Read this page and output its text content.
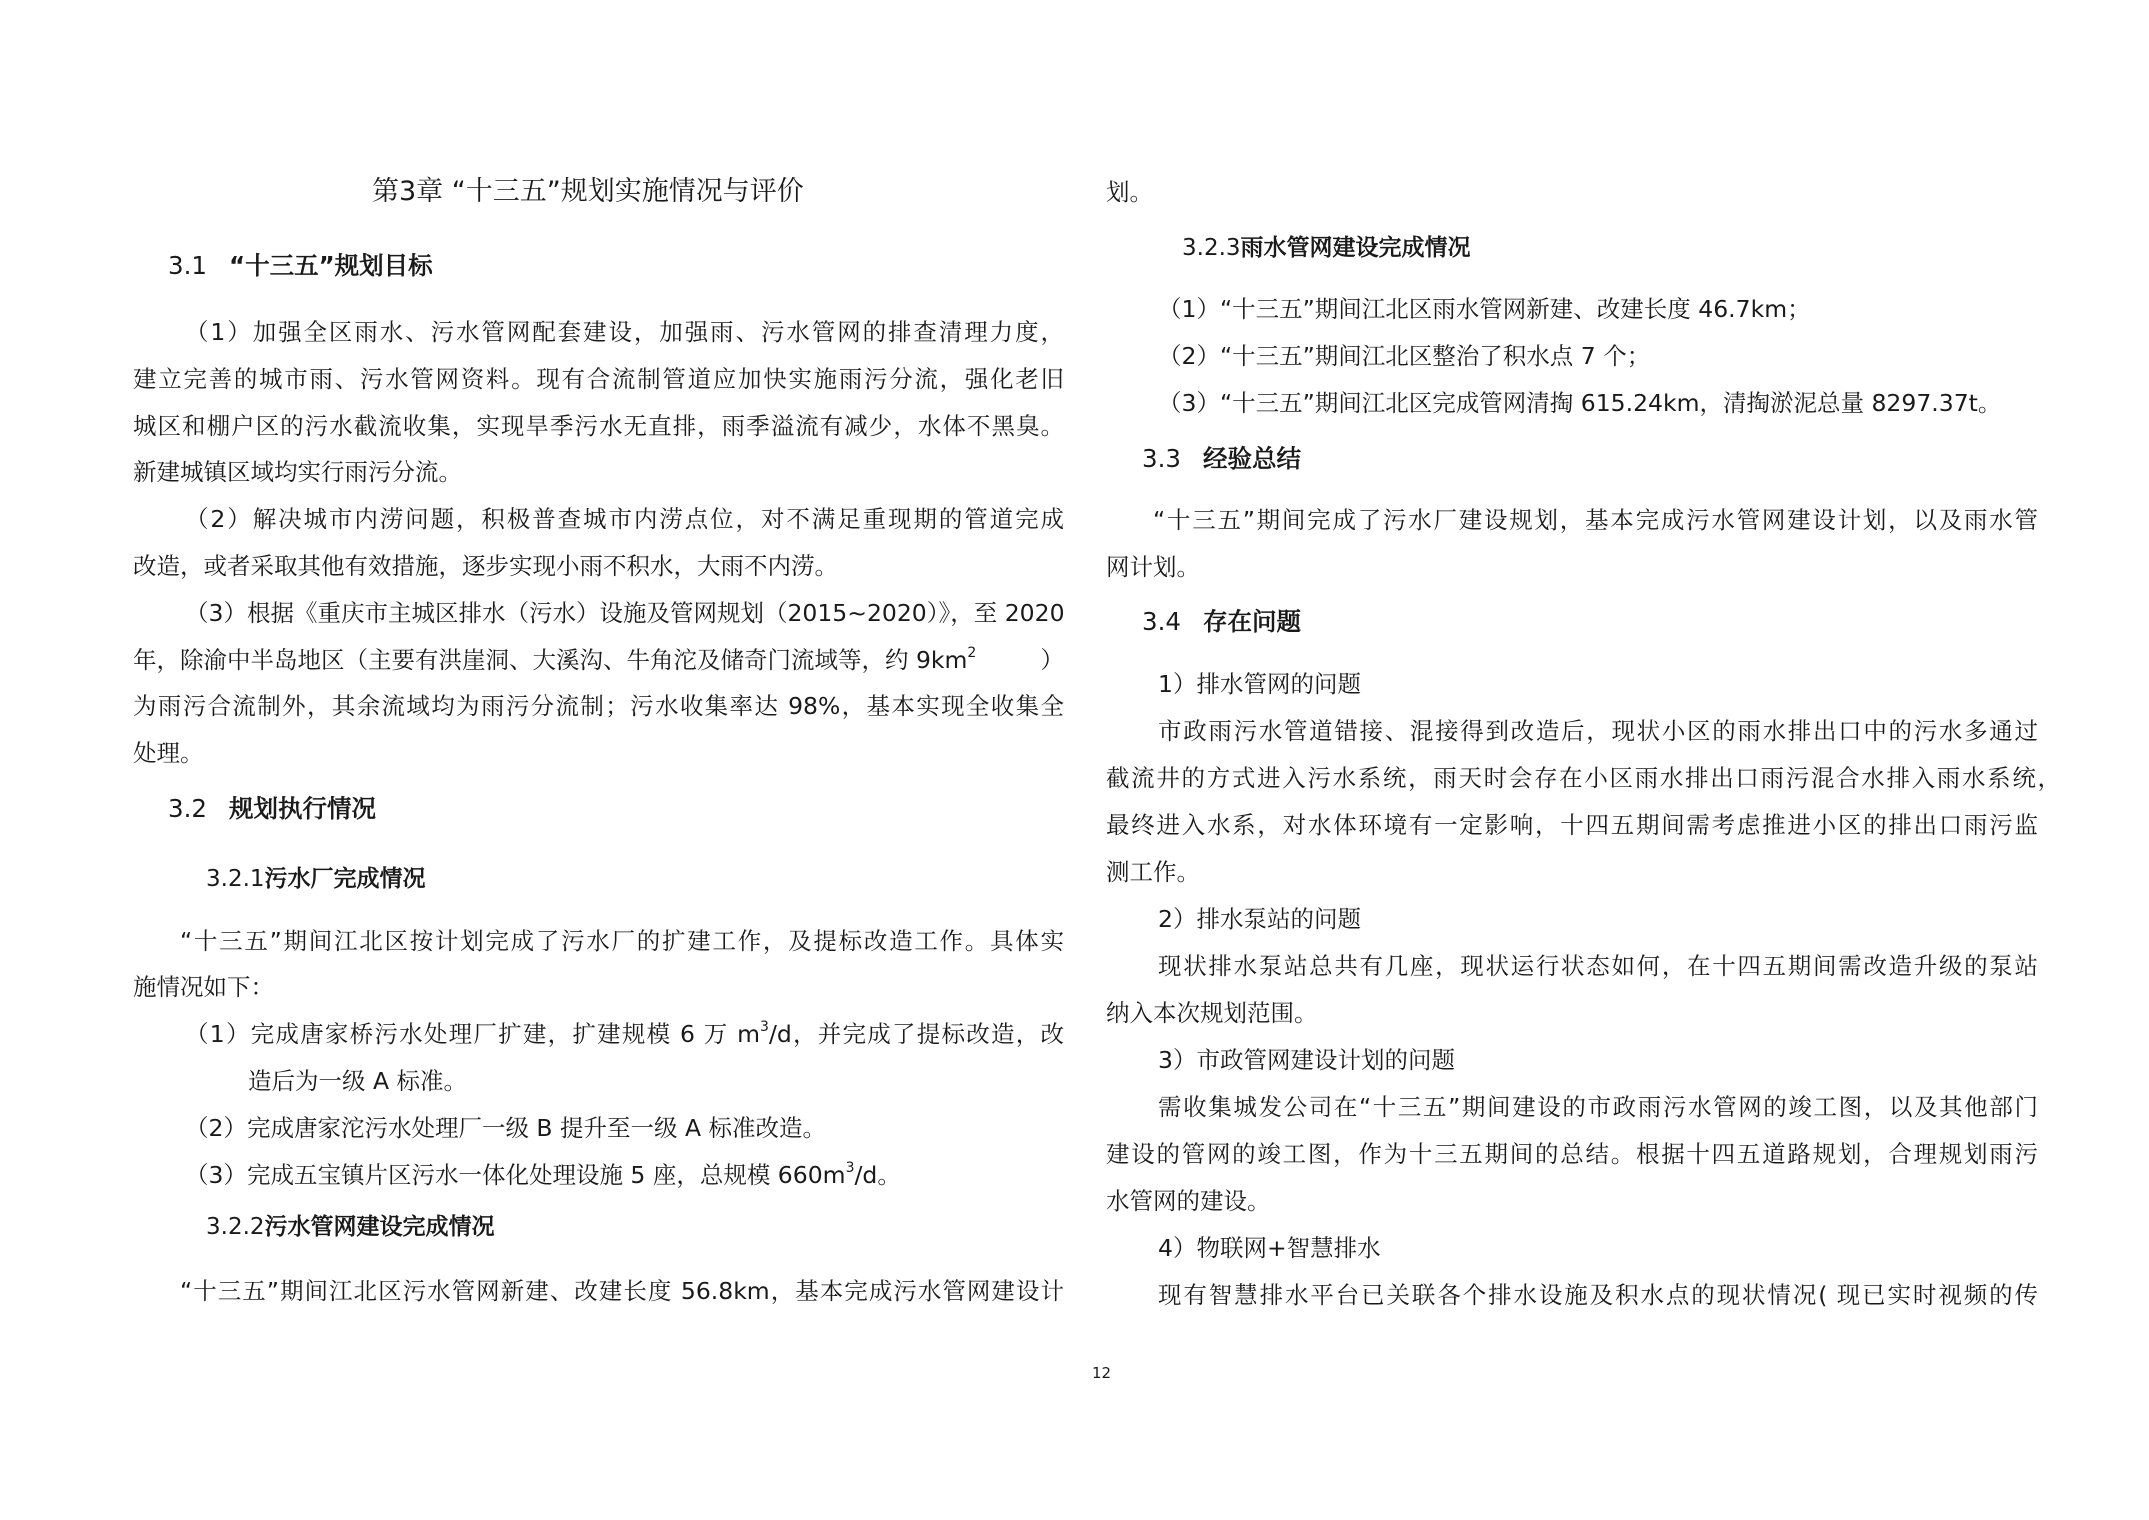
第3章 “十三五”规划实施情况与评价
3.1 “十三五”规划目标
（1）加强全区雨水、污水管网配套建设，加强雨、污水管网的排查清理力度，
建立完善的城市雨、污水管网资料。现有合流制管道应加快实施雨污分流，强化老旧
城区和棚户区的污水截流收集，实现旱季污水无直排，雨季溢流有减少，水体不黑臭。
新建城镇区域均实行雨污分流。
（2）解决城市内涝问题，积极普查城市内涝点位，对不满足重现期的管道完成
改造，或者采取其他有效措施，逐步实现小雨不积水，大雨不内涝。
（3）根据《重庆市主城区排水（污水）设施及管网规划（2015~2020）》，至 2020
年，除渝中半岛地区（主要有洪崖洞、大溪沟、牛角沱及储奇门流域等，约 $9km^2$	）
为雨污合流制外，其余流域均为雨污分流制；污水收集率达 98%，基本实现全收集全
处理。
3.2 规划执行情况
3.2.1污水厂完成情况
“十三五”期间江北区按计划完成了污水厂的扩建工作，及提标改造工作。具体实
施情况如下：
（1）完成唐家桥污水处理厂扩建，扩建规模 6 万 $m^3/d$，并完成了提标改造，改
造后为一级 A 标准。
（2）完成唐家沱污水处理厂一级 B 提升至一级 A 标准改造。
（3）完成五宝镇片区污水一体化处理设施 5 座，总规模 $660m^3/d$。
3.2.2污水管网建设完成情况
“十三五”期间江北区污水管网新建、改建长度 56.8km，基本完成污水管网建设计
划。
3.2.3雨水管网建设完成情况
（1）“十三五”期间江北区雨水管网新建、改建长度 46.7km；
（2）“十三五”期间江北区整治了积水点 7 个；
（3）“十三五”期间江北区完成管网清掏 615.24km，清掏淤泥总量 8297.37t。
3.3 经验总结
“十三五”期间完成了污水厂建设规划，基本完成污水管网建设计划，以及雨水管
网计划。
3.4 存在问题
1）排水管网的问题
市政雨污水管道错接、混接得到改造后，现状小区的雨水排出口中的污水多通过
截流井的方式进入污水系统，雨天时会存在小区雨水排出口雨污混合水排入雨水系统，
最终进入水系，对水体环境有一定影响，十四五期间需考虑推进小区的排出口雨污监
测工作。
2）排水泵站的问题
现状排水泵站总共有几座，现状运行状态如何，在十四五期间需改造升级的泵站
纳入本次规划范围。
3）市政管网建设计划的问题
需收集城发公司在“十三五”期间建设的市政雨污水管网的竣工图，以及其他部门
建设的管网的竣工图，作为十三五期间的总结。根据十四五道路规划，合理规划雨污
水管网的建设。
4）物联网+智慧排水
现有智慧排水平台已关联各个排水设施及积水点的现状情况( 现已实时视频的传
12
